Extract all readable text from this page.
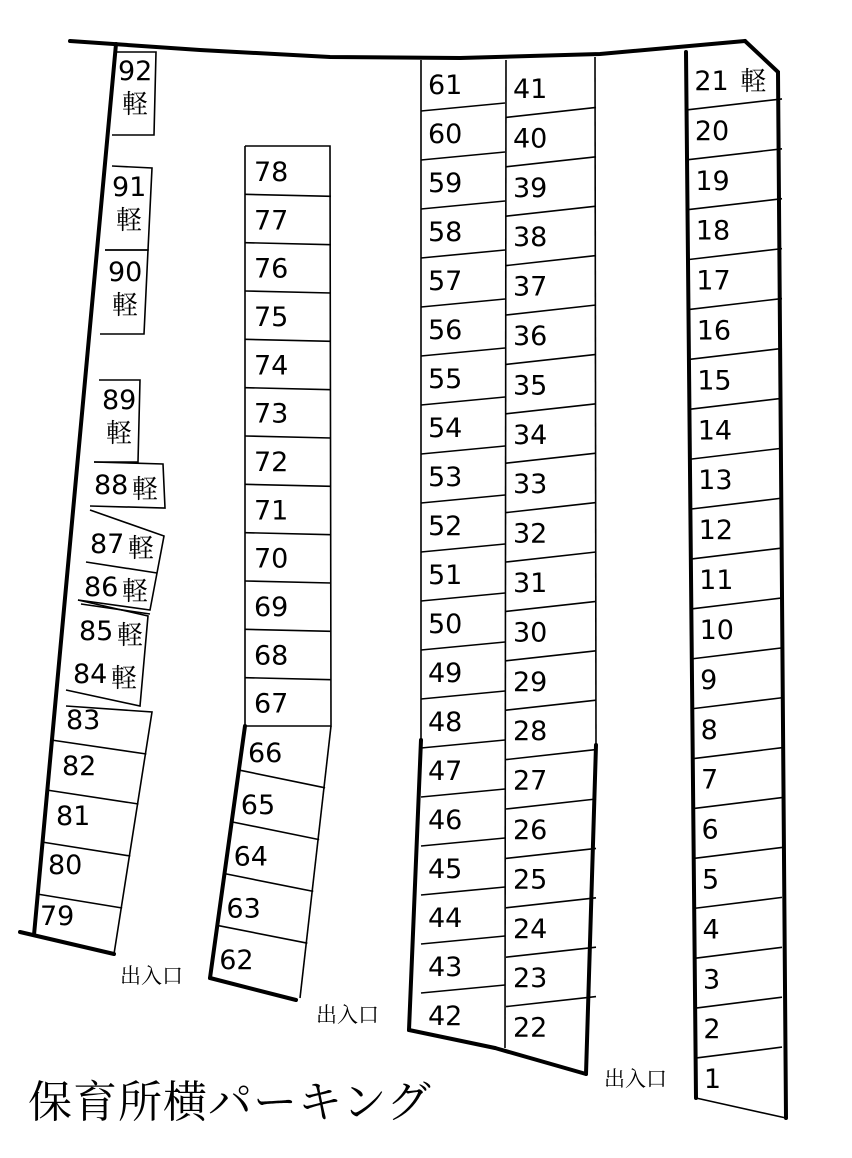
21 軽
20
19
18
17
16
15
14
13
12
11
10
9
8
7
6
5
4
3
2
1
41
40
39
38
37
36
35
34
33
32
31
30
29
28
27
26
25
24
23
22
61
60
59
58
57
56
55
54
53
52
51
50
49
48
47
46
45
44
43
42
78
77
76
75
74
73
72
71
70
69
68
67
66
65
64
63
62
92
軽
91
軽
90
軽
89
軽
88 軽
87 軽
86 軽
85 軽
84 軽
83
82
81
80
79
出入口
出入口
出入口
保育所横パーキング
